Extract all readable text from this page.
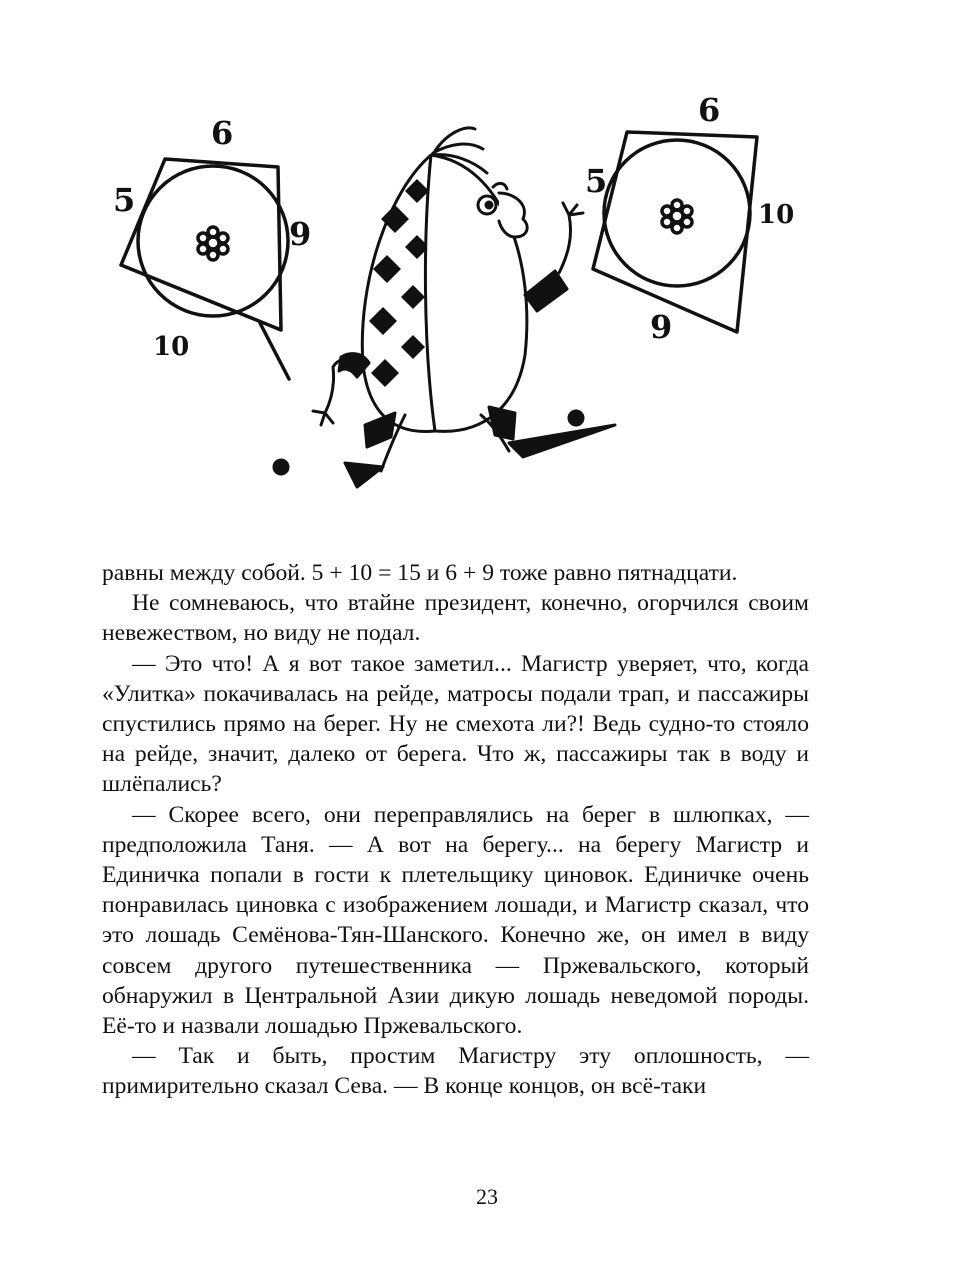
6
5
9
10
6
5
10
9

равны между собой. 5 + 10 = 15 и 6 + 9 тоже равно пятнадцати.

Не сомневаюсь, что втайне президент, конечно, огорчился своим невежеством, но виду не подал.

— Это что! А я вот такое заметил... Магистр уверяет, что, когда «Улитка» покачивалась на рейде, матросы подали трап, и пассажиры спустились прямо на берег. Ну не смехота ли?! Ведь судно-то стояло на рейде, значит, далеко от берега. Что ж, пассажиры так в воду и шлёпались?

— Скорее всего, они переправлялись на берег в шлюпках, — предположила Таня. — А вот на берегу... на берегу Магистр и Единичка попали в гости к плетельщику циновок. Единичке очень понравилась циновка с изображением лошади, и Магистр сказал, что это лошадь Семёнова-Тян-Шанского. Конечно же, он имел в виду совсем другого путешественника — Пржевальского, который обнаружил в Центральной Азии дикую лошадь неведомой породы. Её-то и назвали лошадью Пржевальского.

— Так и быть, простим Магистру эту оплошность, — примирительно сказал Сева. — В конце концов, он всё-таки

23
